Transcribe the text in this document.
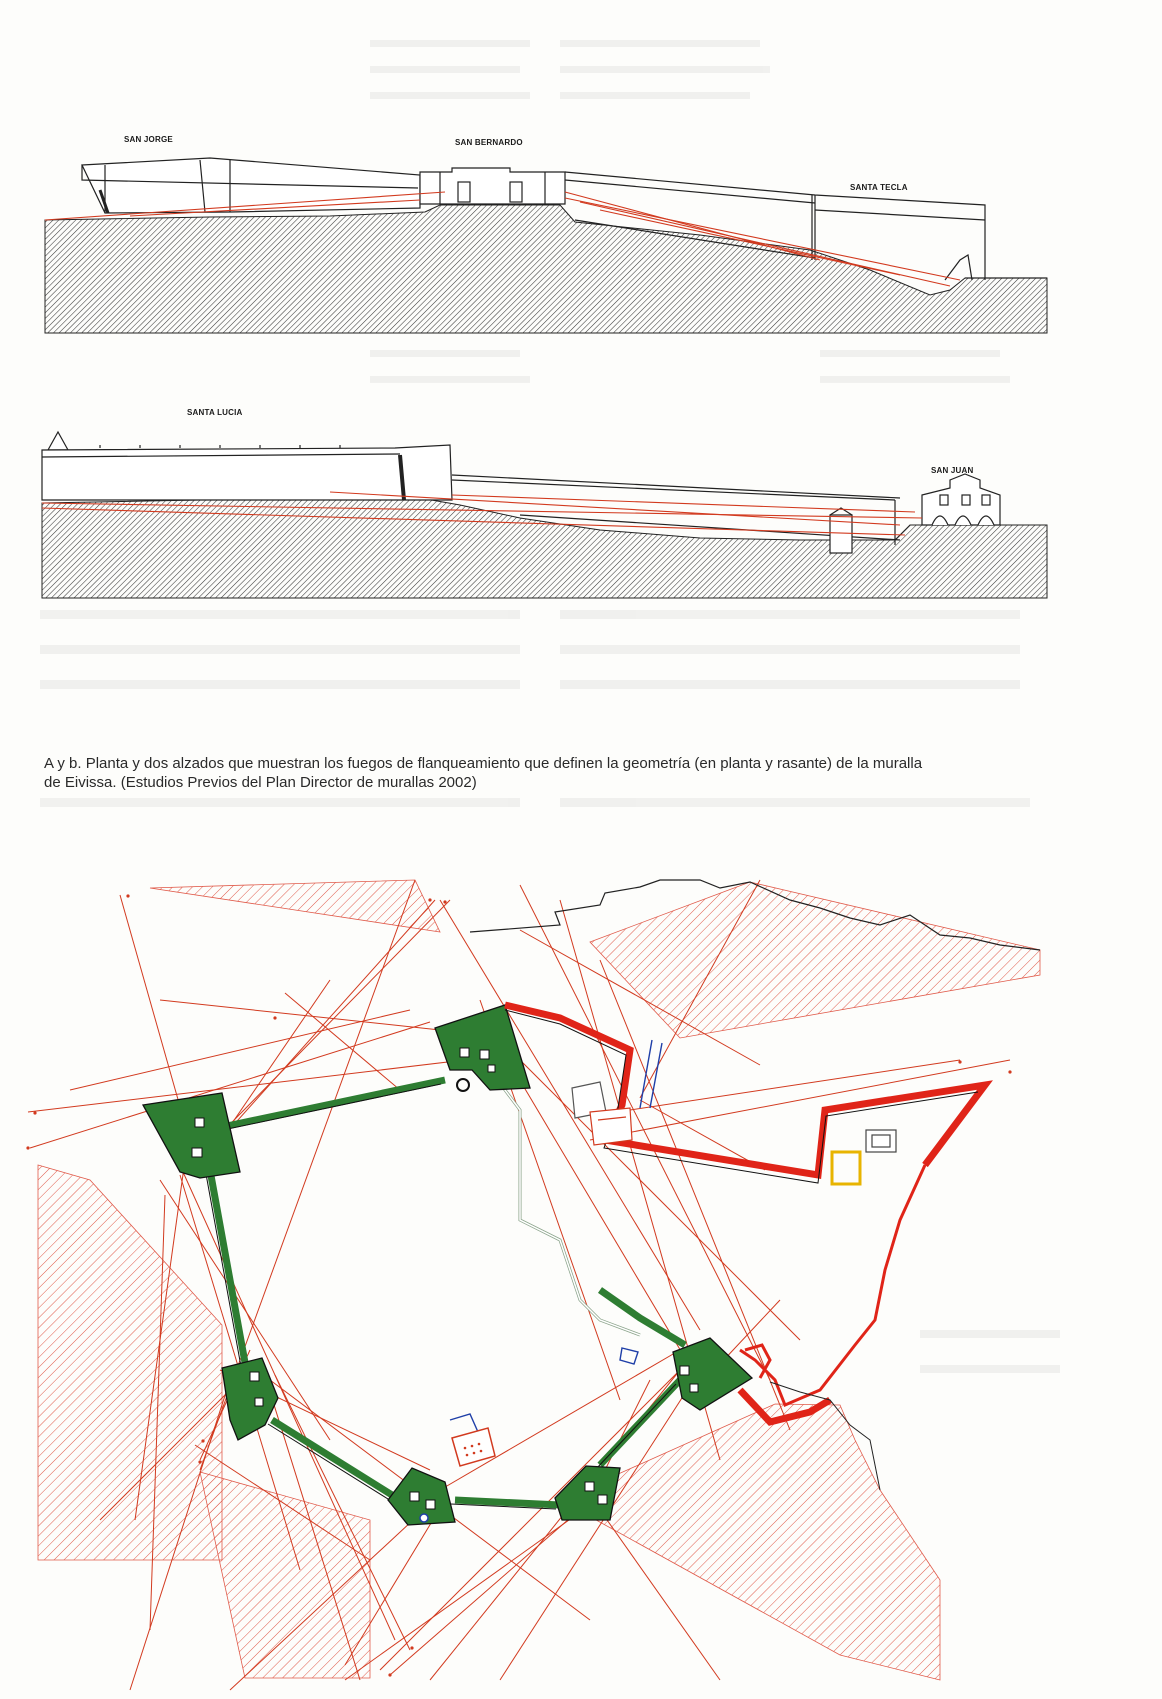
SAN JORGE	SAN BERNARDO
SANTA TECLA
SANTA LUCIA
SAN JUAN
A y b. Planta y dos alzados que muestran los fuegos de flanqueamiento que definen la geometría (en planta y rasante) de la muralla
de Eivissa. (Estudios Previos del Plan Director de murallas 2002)
